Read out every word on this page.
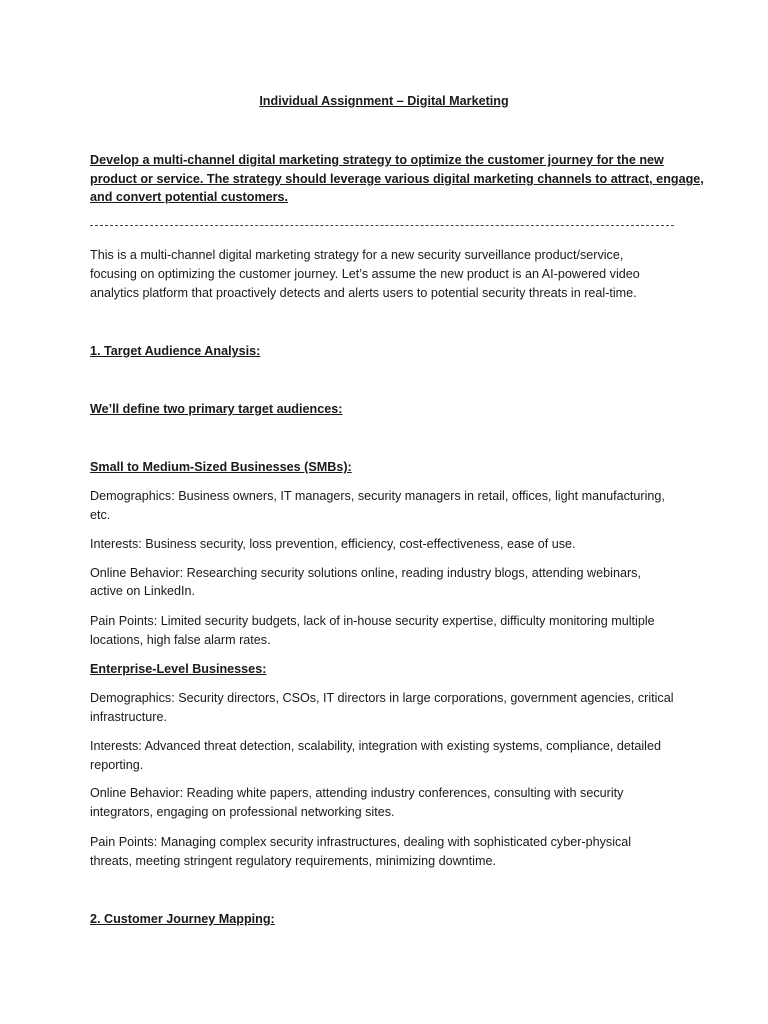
Individual Assignment – Digital Marketing

Develop a multi-channel digital marketing strategy to optimize the customer journey for the new

product or service. The strategy should leverage various digital marketing channels to attract, engage,

and convert potential customers.

This is a multi-channel digital marketing strategy for a new security surveillance product/service,

focusing on optimizing the customer journey. Let’s assume the new product is an AI-powered video

analytics platform that proactively detects and alerts users to potential security threats in real-time.

1. Target Audience Analysis:

We’ll define two primary target audiences:

Small to Medium-Sized Businesses (SMBs):

Demographics: Business owners, IT managers, security managers in retail, offices, light manufacturing,

etc.

Interests: Business security, loss prevention, efficiency, cost-effectiveness, ease of use.

Online Behavior: Researching security solutions online, reading industry blogs, attending webinars,

active on LinkedIn.

Pain Points: Limited security budgets, lack of in-house security expertise, difficulty monitoring multiple

locations, high false alarm rates.

Enterprise-Level Businesses:

Demographics: Security directors, CSOs, IT directors in large corporations, government agencies, critical

infrastructure.

Interests: Advanced threat detection, scalability, integration with existing systems, compliance, detailed

reporting.

Online Behavior: Reading white papers, attending industry conferences, consulting with security

integrators, engaging on professional networking sites.

Pain Points: Managing complex security infrastructures, dealing with sophisticated cyber-physical

threats, meeting stringent regulatory requirements, minimizing downtime.

2. Customer Journey Mapping:
